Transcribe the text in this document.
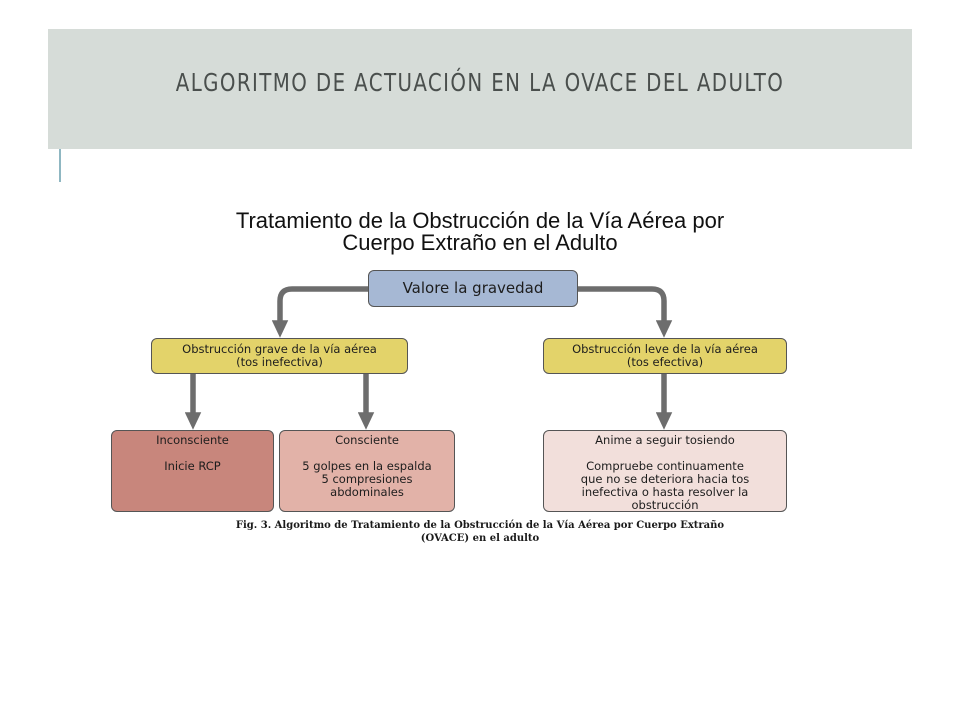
ALGORITMO DE ACTUACIÓN EN LA OVACE DEL ADULTO
Tratamiento de la Obstrucción de la Vía Aérea por
Cuerpo Extraño en el Adulto
Valore la gravedad
Obstrucción grave de la vía aérea
(tos inefectiva)
Obstrucción leve de la vía aérea
(tos efectiva)
Inconsciente
Inicie RCP
Consciente
5 golpes en la espalda
5 compresiones
abdominales
Anime a seguir tosiendo
Compruebe continuamente
que no se deteriora hacia tos
inefectiva o hasta resolver la
obstrucción
Fig. 3. Algoritmo de Tratamiento de la Obstrucción de la Vía Aérea por Cuerpo Extraño
(OVACE) en el adulto
